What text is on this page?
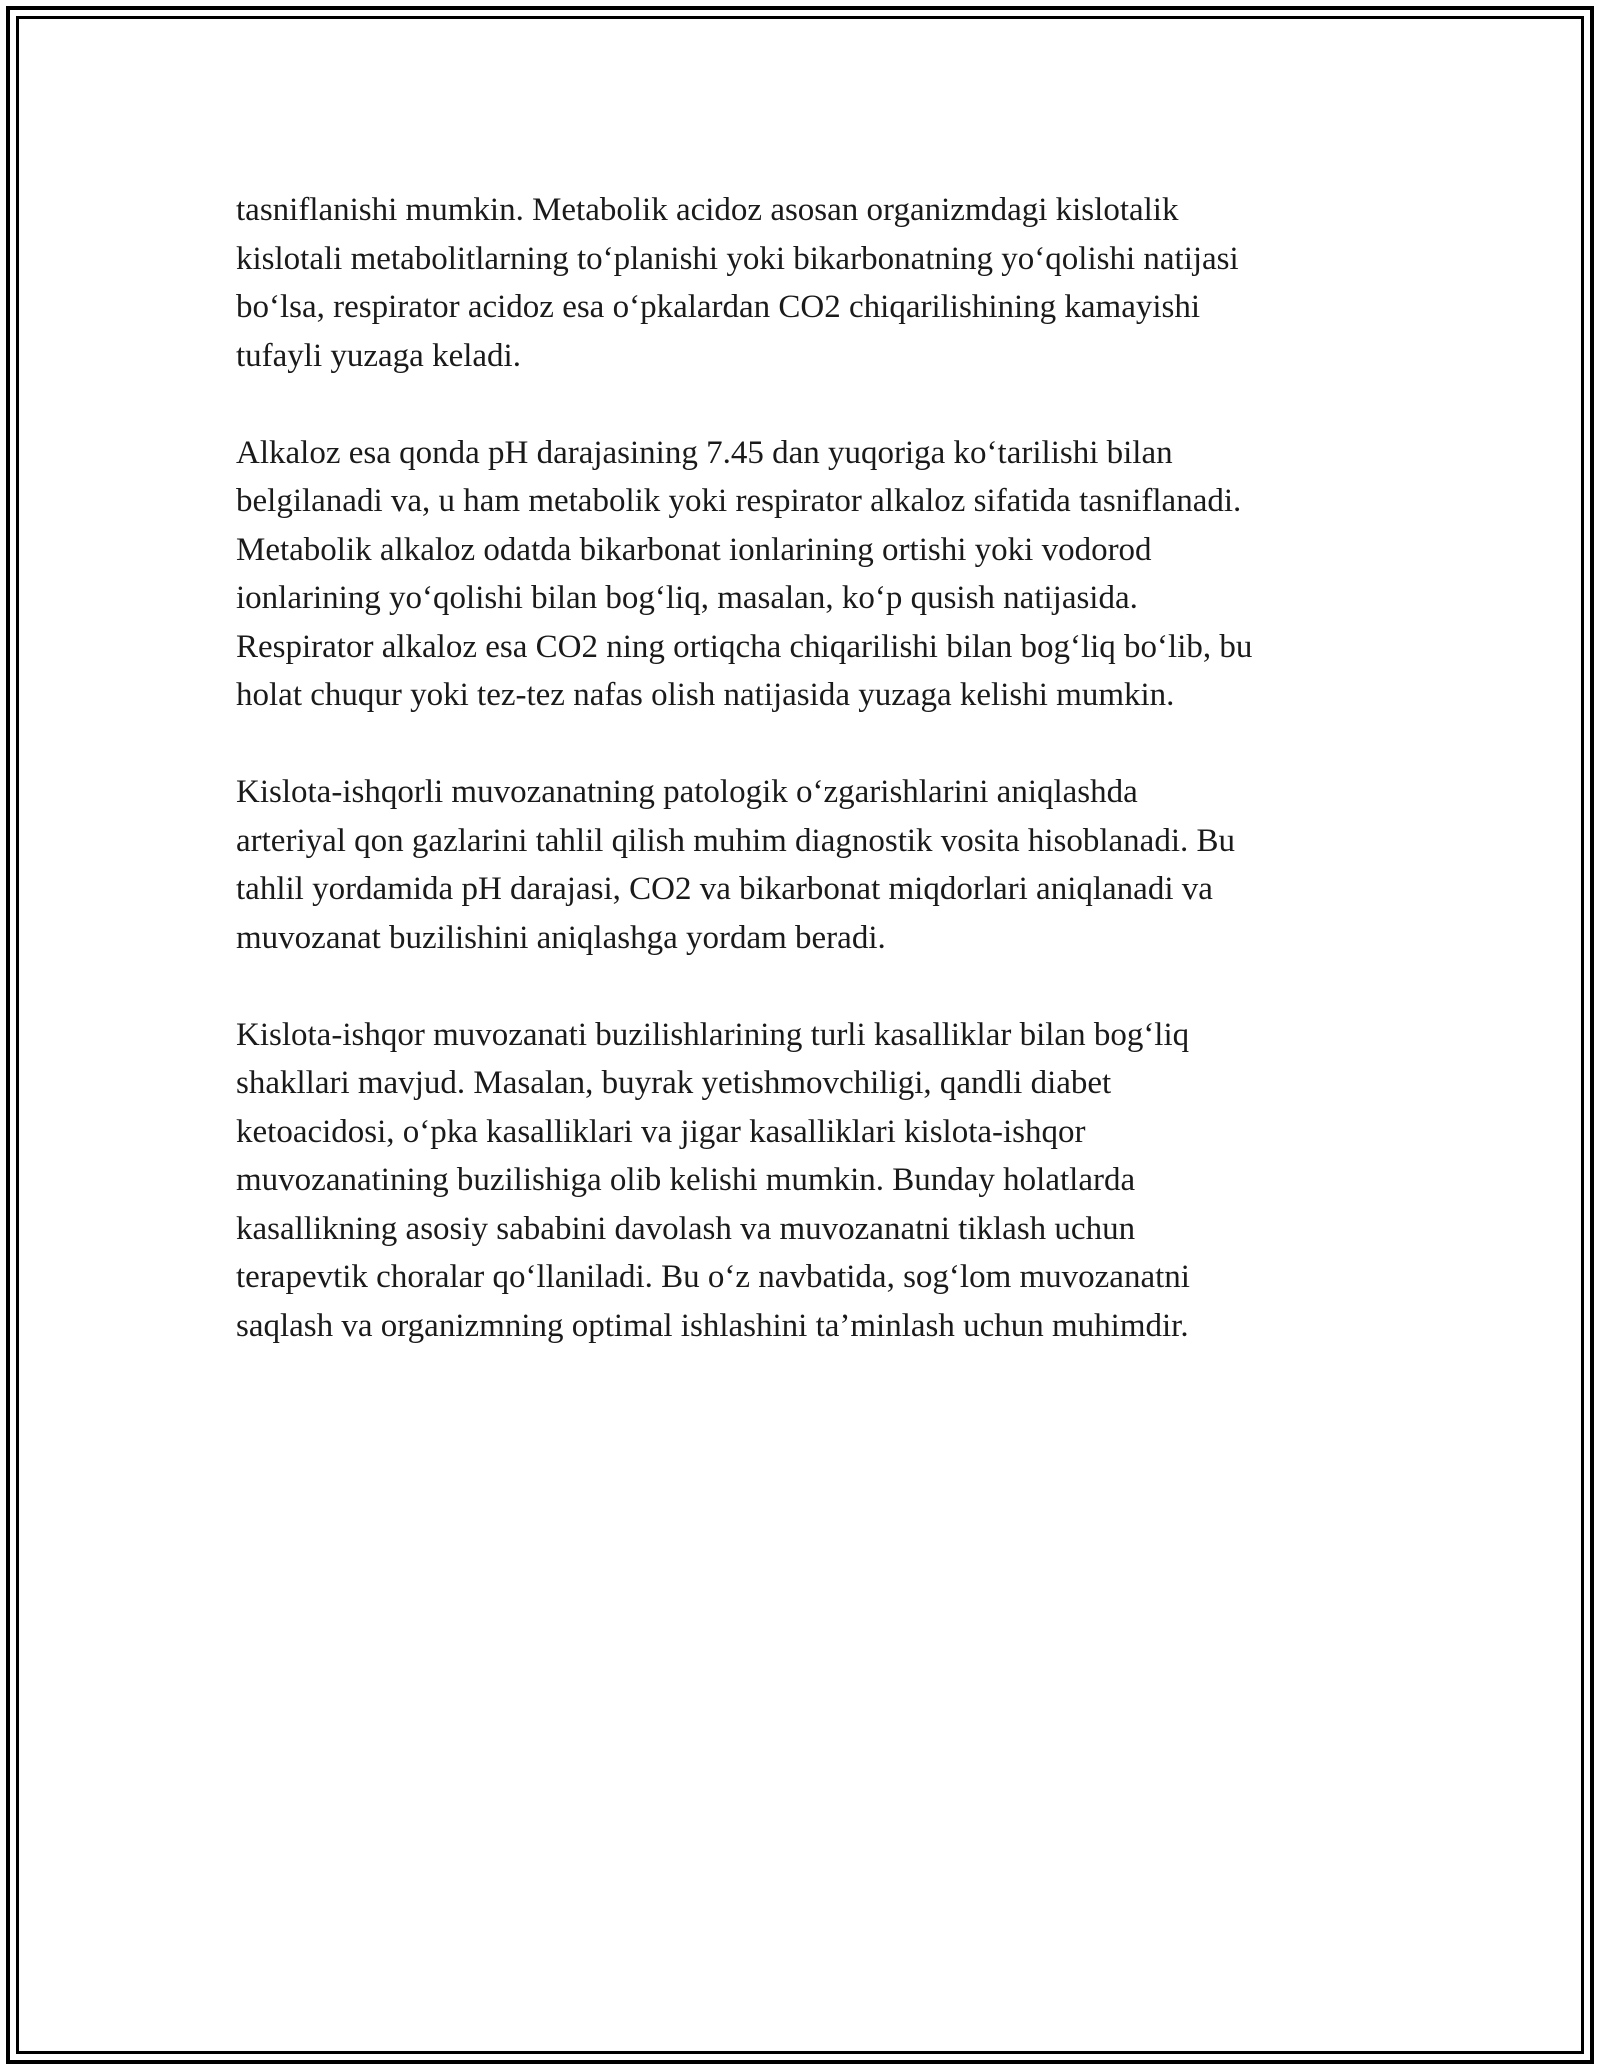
tasniflanishi mumkin. Metabolik acidoz asosan organizmdagi kislotalik
kislotali metabolitlarning to‘planishi yoki bikarbonatning yo‘qolishi natijasi
bo‘lsa, respirator acidoz esa o‘pkalardan CO2 chiqarilishining kamayishi
tufayli yuzaga keladi.
Alkaloz esa qonda pH darajasining 7.45 dan yuqoriga ko‘tarilishi bilan
belgilanadi va, u ham metabolik yoki respirator alkaloz sifatida tasniflanadi.
Metabolik alkaloz odatda bikarbonat ionlarining ortishi yoki vodorod
ionlarining yo‘qolishi bilan bog‘liq, masalan, ko‘p qusish natijasida.
Respirator alkaloz esa CO2 ning ortiqcha chiqarilishi bilan bog‘liq bo‘lib, bu
holat chuqur yoki tez-tez nafas olish natijasida yuzaga kelishi mumkin.
Kislota-ishqorli muvozanatning patologik o‘zgarishlarini aniqlashda
arteriyal qon gazlarini tahlil qilish muhim diagnostik vosita hisoblanadi. Bu
tahlil yordamida pH darajasi, CO2 va bikarbonat miqdorlari aniqlanadi va
muvozanat buzilishini aniqlashga yordam beradi.
Kislota-ishqor muvozanati buzilishlarining turli kasalliklar bilan bog‘liq
shakllari mavjud. Masalan, buyrak yetishmovchiligi, qandli diabet
ketoacidosi, o‘pka kasalliklari va jigar kasalliklari kislota-ishqor
muvozanatining buzilishiga olib kelishi mumkin. Bunday holatlarda
kasallikning asosiy sababini davolash va muvozanatni tiklash uchun
terapevtik choralar qo‘llaniladi. Bu o‘z navbatida, sog‘lom muvozanatni
saqlash va organizmning optimal ishlashini ta’minlash uchun muhimdir.
